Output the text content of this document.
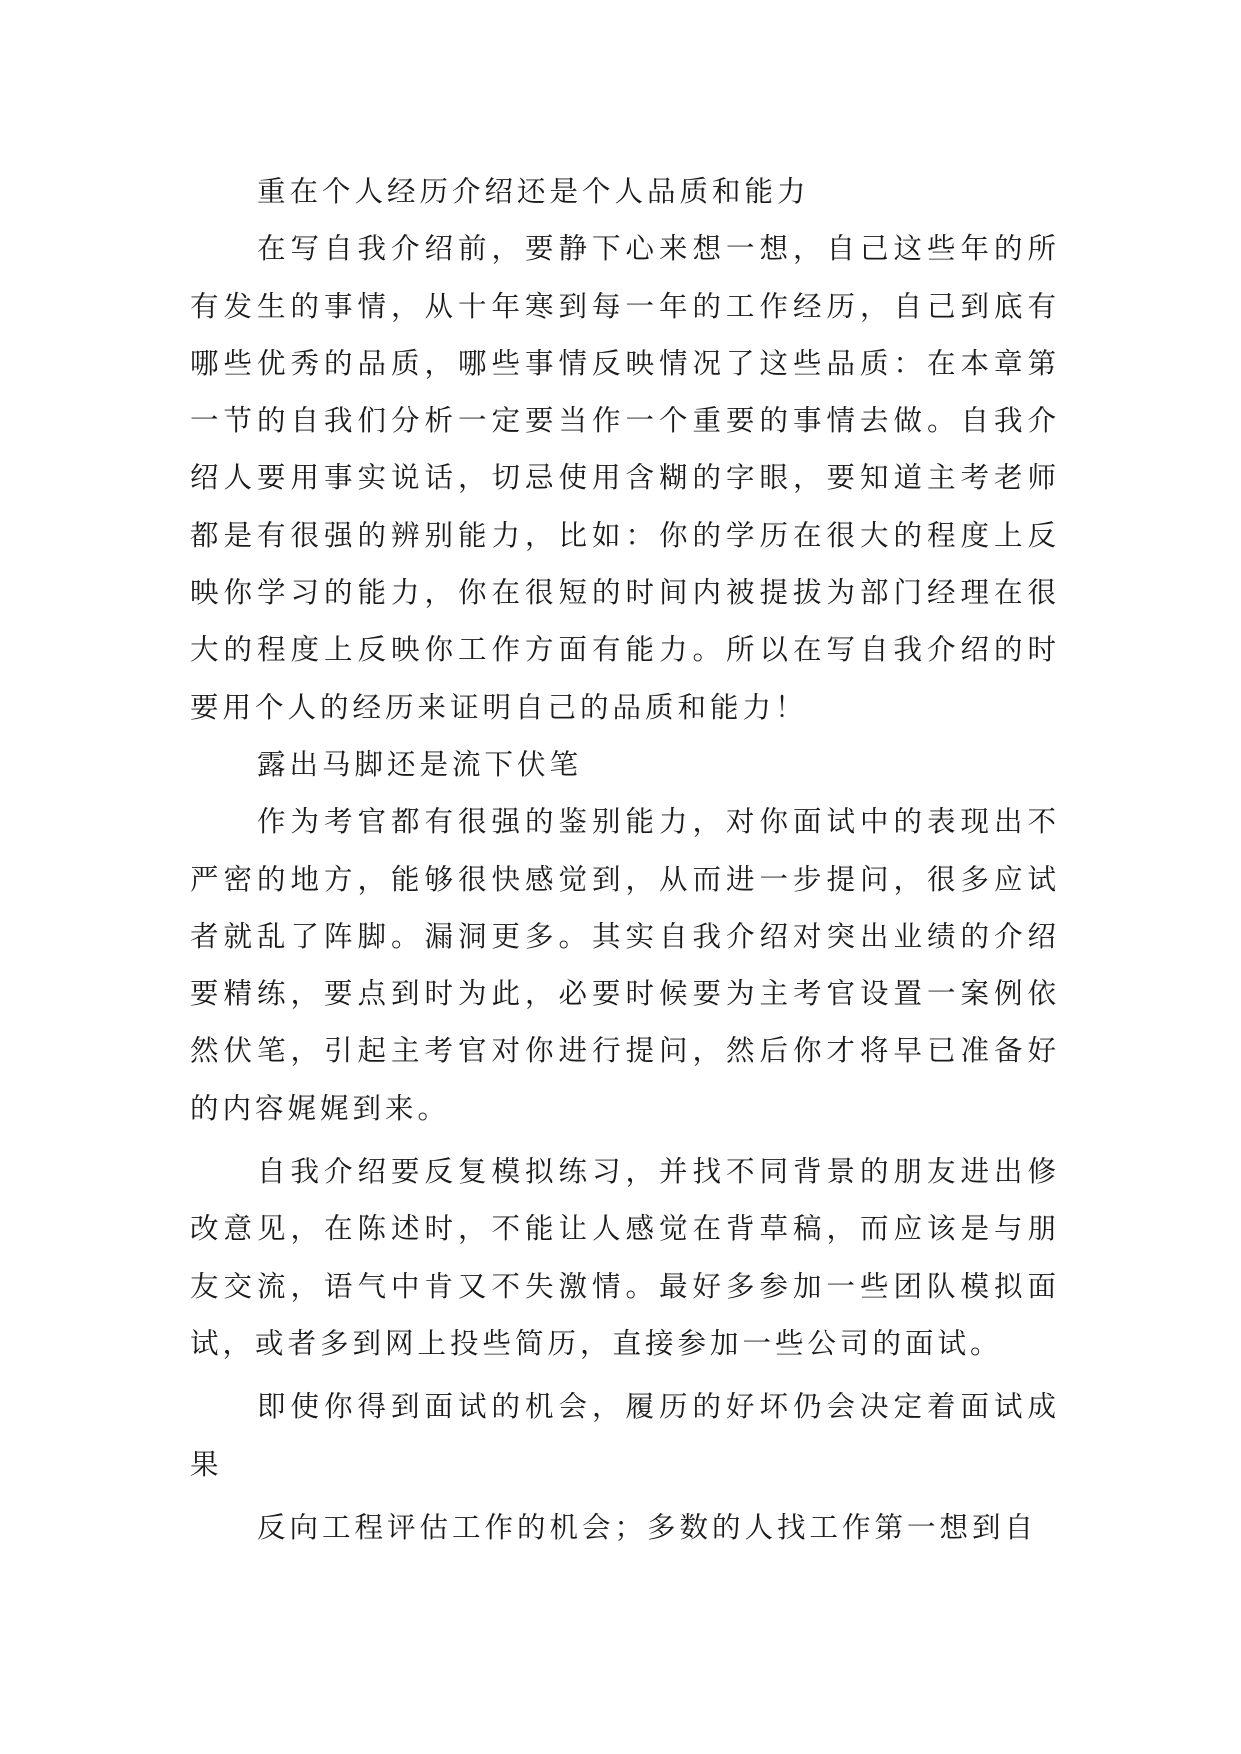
重在个人经历介绍还是个人品质和能力

在写自我介绍前，要静下心来想一想，自己这些年的所有发生的事情，从十年寒到每一年的工作经历，自己到底有哪些优秀的品质，哪些事情反映情况了这些品质：在本章第一节的自我们分析一定要当作一个重要的事情去做。自我介绍人要用事实说话，切忌使用含糊的字眼，要知道主考老师都是有很强的辨别能力，比如：你的学历在很大的程度上反映你学习的能力，你在很短的时间内被提拔为部门经理在很大的程度上反映你工作方面有能力。所以在写自我介绍的时要用个人的经历来证明自己的品质和能力！

露出马脚还是流下伏笔

作为考官都有很强的鉴别能力，对你面试中的表现出不严密的地方，能够很快感觉到，从而进一步提问，很多应试者就乱了阵脚。漏洞更多。其实自我介绍对突出业绩的介绍要精练，要点到时为此，必要时候要为主考官设置一案例依然伏笔，引起主考官对你进行提问，然后你才将早已准备好的内容娓娓到来。

自我介绍要反复模拟练习，并找不同背景的朋友进出修改意见，在陈述时，不能让人感觉在背草稿，而应该是与朋友交流，语气中肯又不失激情。最好多参加一些团队模拟面试，或者多到网上投些简历，直接参加一些公司的面试。

即使你得到面试的机会，履历的好坏仍会决定着面试成果

反向工程评估工作的机会；多数的人找工作第一想到自
